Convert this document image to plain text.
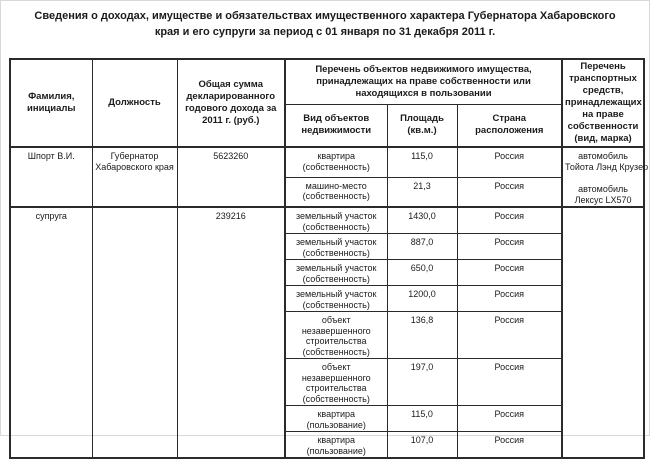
Сведения о доходах, имуществе и обязательствах имущественного характера Губернатора Хабаровского края и его супруги за период с 01 января по 31 декабря 2011 г.
Фамилия, инициалы	Должность	Общая сумма декларированного годового дохода за 2011 г. (руб.)	Перечень объектов недвижимого имущества, принадлежащих на праве собственности или находящихся в пользовании			Перечень транспортных средств, принадлежащих на праве собственности (вид, марка)
			Вид объектов недвижимости	Площадь (кв.м.)	Страна расположения	
Шпорт В.И.	Губернатор Хабаровского края	5623260	квартира
(собственность)
	115,0	Россия	автомобиль
Тойота Лэнд Крузер
автомобиль
Лексус LX570

			машино-место
(собственность)	21,3	Россия	
супруга		239216	земельный участок
(собственность)	1430,0	Россия	

			земельный участок
(собственность)	887,0	Россия	

			земельный участок
(собственность)	650,0	Россия	

			земельный участок
(собственность)	1200,0	Россия	

			объект незавершенного строительства
(собственность)	136,8	Россия	

			объект незавершенного строительства
(собственность)	197,0	Россия	

			квартира
(пользование)	115,0	Россия	

			квартира
(пользование)	107,0	Россия	
